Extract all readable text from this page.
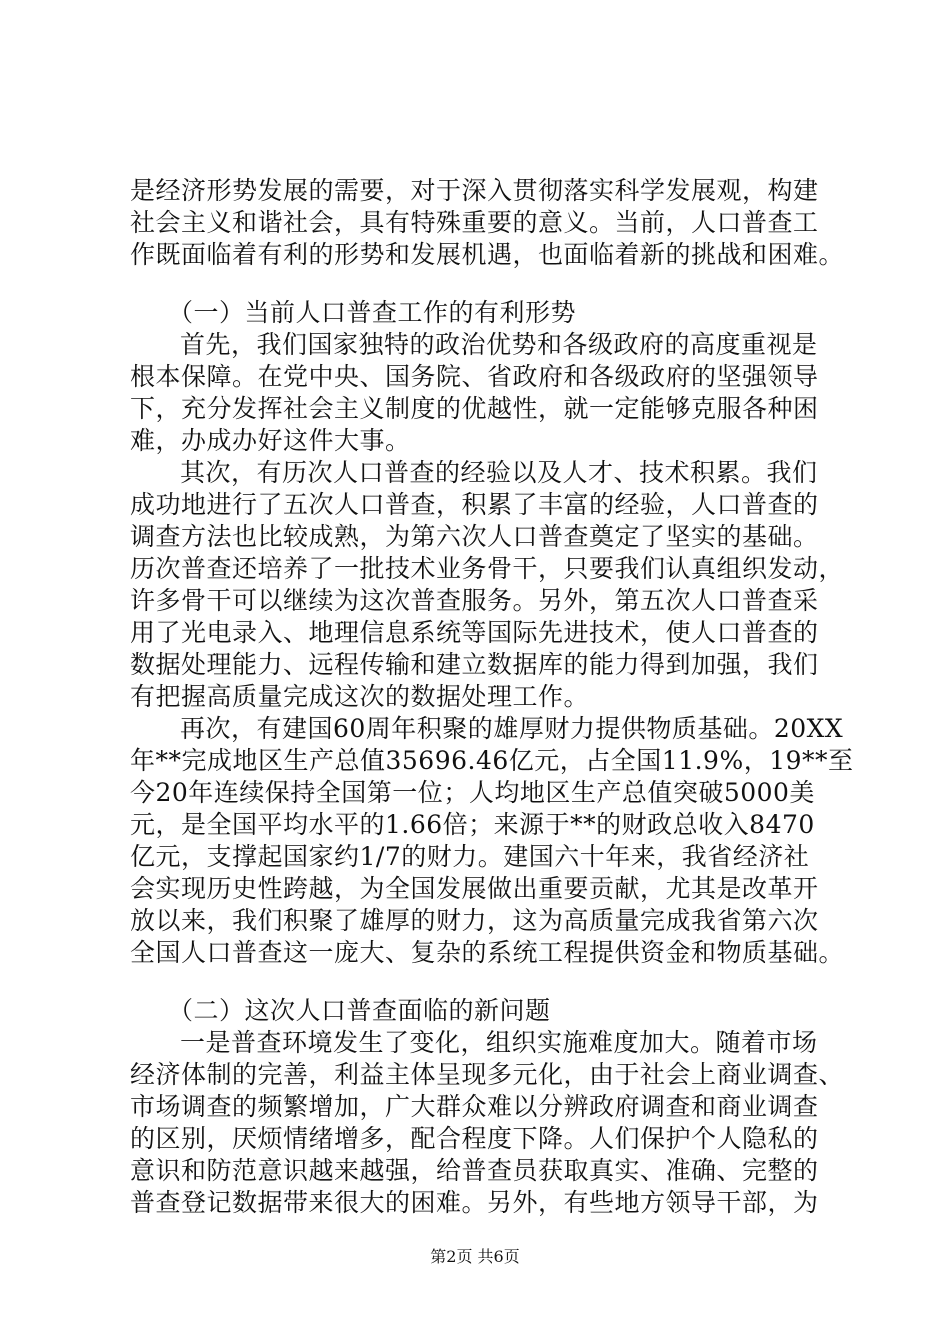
是经济形势发展的需要，对于深入贯彻落实科学发展观，构建
社会主义和谐社会，具有特殊重要的意义。当前，人口普查工
作既面临着有利的形势和发展机遇，也面临着新的挑战和困难。
（一）当前人口普查工作的有利形势
首先，我们国家独特的政治优势和各级政府的高度重视是
根本保障。在党中央、国务院、省政府和各级政府的坚强领导
下，充分发挥社会主义制度的优越性，就一定能够克服各种困
难，办成办好这件大事。
其次，有历次人口普查的经验以及人才、技术积累。我们
成功地进行了五次人口普查，积累了丰富的经验，人口普查的
调查方法也比较成熟，为第六次人口普查奠定了坚实的基础。
历次普查还培养了一批技术业务骨干，只要我们认真组织发动，
许多骨干可以继续为这次普查服务。另外，第五次人口普查采
用了光电录入、地理信息系统等国际先进技术，使人口普查的
数据处理能力、远程传输和建立数据库的能力得到加强，我们
有把握高质量完成这次的数据处理工作。
再次，有建国60周年积聚的雄厚财力提供物质基础。20XX
年**完成地区生产总值35696.46亿元，占全国11.9%，19**至
今20年连续保持全国第一位；人均地区生产总值突破5000美
元，是全国平均水平的1.66倍；来源于**的财政总收入8470
亿元，支撑起国家约1/7的财力。建国六十年来，我省经济社
会实现历史性跨越，为全国发展做出重要贡献，尤其是改革开
放以来，我们积聚了雄厚的财力，这为高质量完成我省第六次
全国人口普查这一庞大、复杂的系统工程提供资金和物质基础。
（二）这次人口普查面临的新问题
一是普查环境发生了变化，组织实施难度加大。随着市场
经济体制的完善，利益主体呈现多元化，由于社会上商业调查、
市场调查的频繁增加，广大群众难以分辨政府调查和商业调查
的区别，厌烦情绪增多，配合程度下降。人们保护个人隐私的
意识和防范意识越来越强，给普查员获取真实、准确、完整的
普查登记数据带来很大的困难。另外，有些地方领导干部，为
第2页 共6页
